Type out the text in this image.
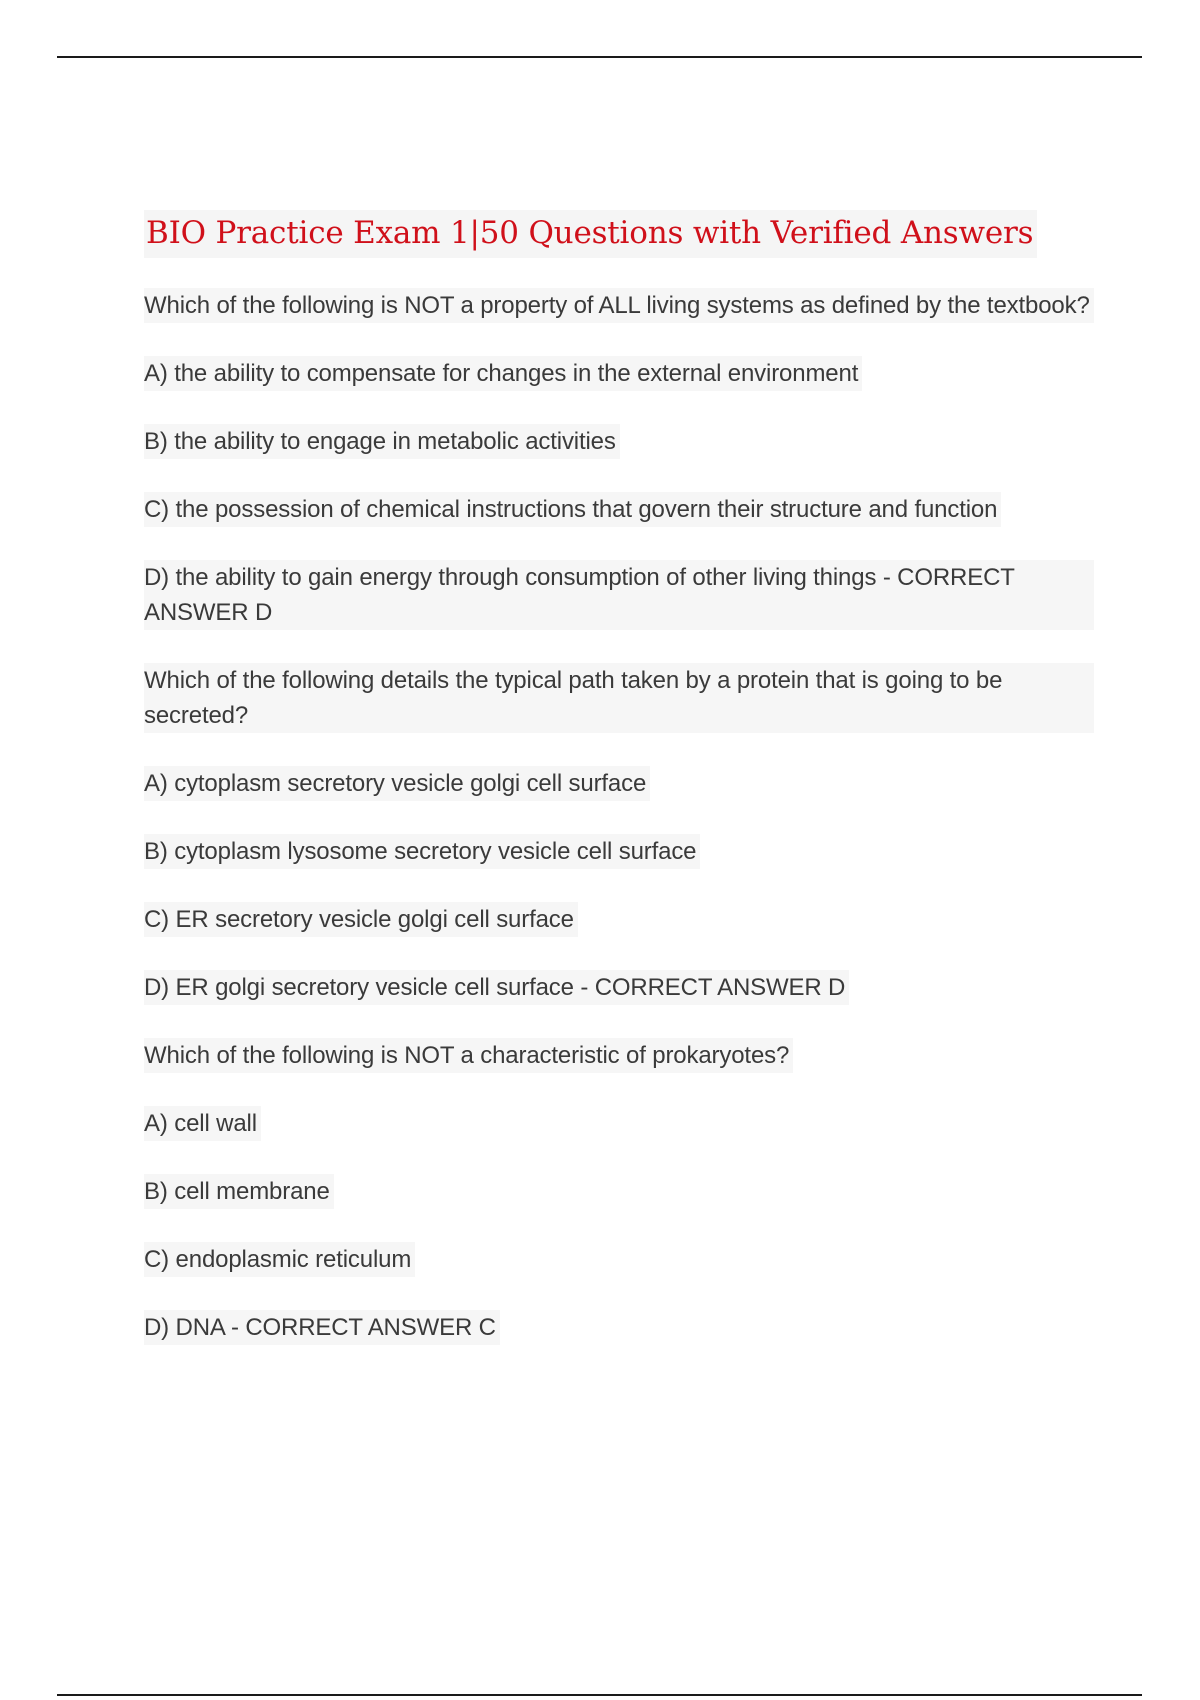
BIO Practice Exam 1|50 Questions with Verified Answers
Which of the following is NOT a property of ALL living systems as defined by the textbook?
A) the ability to compensate for changes in the external environment
B) the ability to engage in metabolic activities
C) the possession of chemical instructions that govern their structure and function
D) the ability to gain energy through consumption of other living things - CORRECT ANSWER D
Which of the following details the typical path taken by a protein that is going to be secreted?
A) cytoplasm secretory vesicle golgi cell surface
B) cytoplasm lysosome secretory vesicle cell surface
C) ER secretory vesicle golgi cell surface
D) ER golgi secretory vesicle cell surface - CORRECT ANSWER D
Which of the following is NOT a characteristic of prokaryotes?
A) cell wall
B) cell membrane
C) endoplasmic reticulum
D) DNA - CORRECT ANSWER C
